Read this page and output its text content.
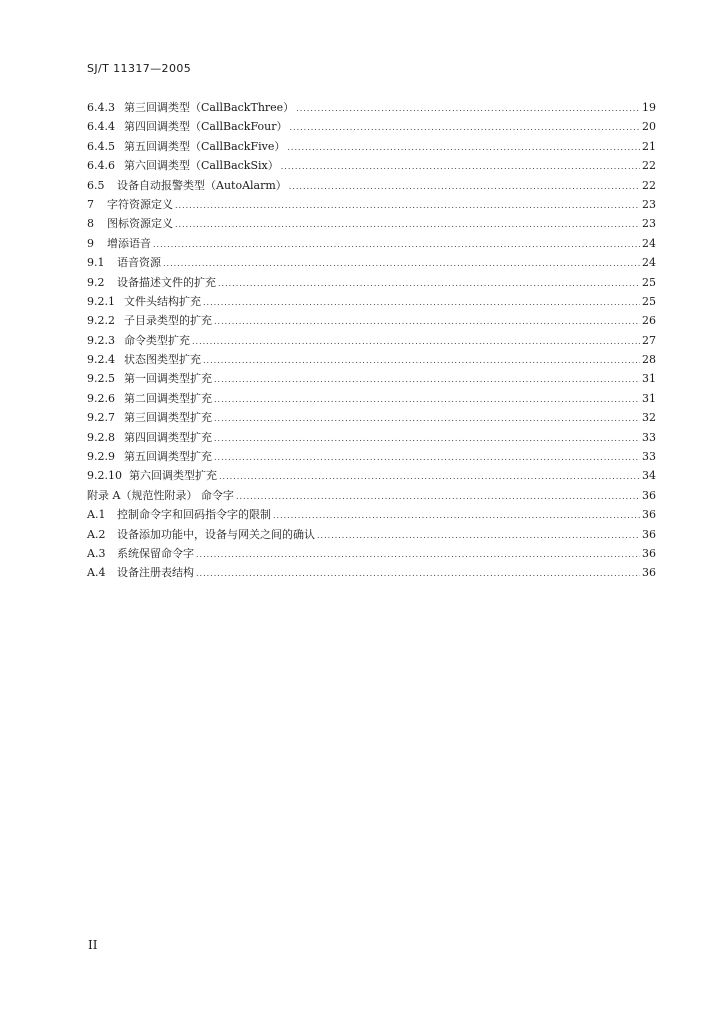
SJ/T 11317—2005
6.4.3 第三回调类型（CallBackThree） .....	19
6.4.4 第四回调类型（CallBackFour） .....	20
6.4.5 第五回调类型（CallBackFive） .....	21
6.4.6 第六回调类型（CallBackSix） .....	22
6.5	设备自动报警类型（AutoAlarm） .....	22
7	字符资源定义 .....	23
8	图标资源定义 .....	23
9	增添语音 .....	24
9.1	语音资源 .....	24
9.2	设备描述文件的扩充 .....	25
9.2.1 文件头结构扩充 .....	25
9.2.2 子目录类型的扩充 .....	26
9.2.3 命令类型扩充 .....	27
9.2.4 状态图类型扩充 .....	28
9.2.5 第一回调类型扩充 .....	31
9.2.6 第二回调类型扩充 .....	31
9.2.7 第三回调类型扩充 .....	32
9.2.8 第四回调类型扩充 .....	33
9.2.9 第五回调类型扩充 .....	33
9.2.10 第六回调类型扩充 .....	34
附录 A（规范性附录） 命令字 .....	36
A.1	控制命令字和回码指令字的限制 .....	36
A.2	设备添加功能中，设备与网关之间的确认 .....	36
A.3	系统保留命令字 .....	36
A.4	设备注册表结构 .....	36
II
